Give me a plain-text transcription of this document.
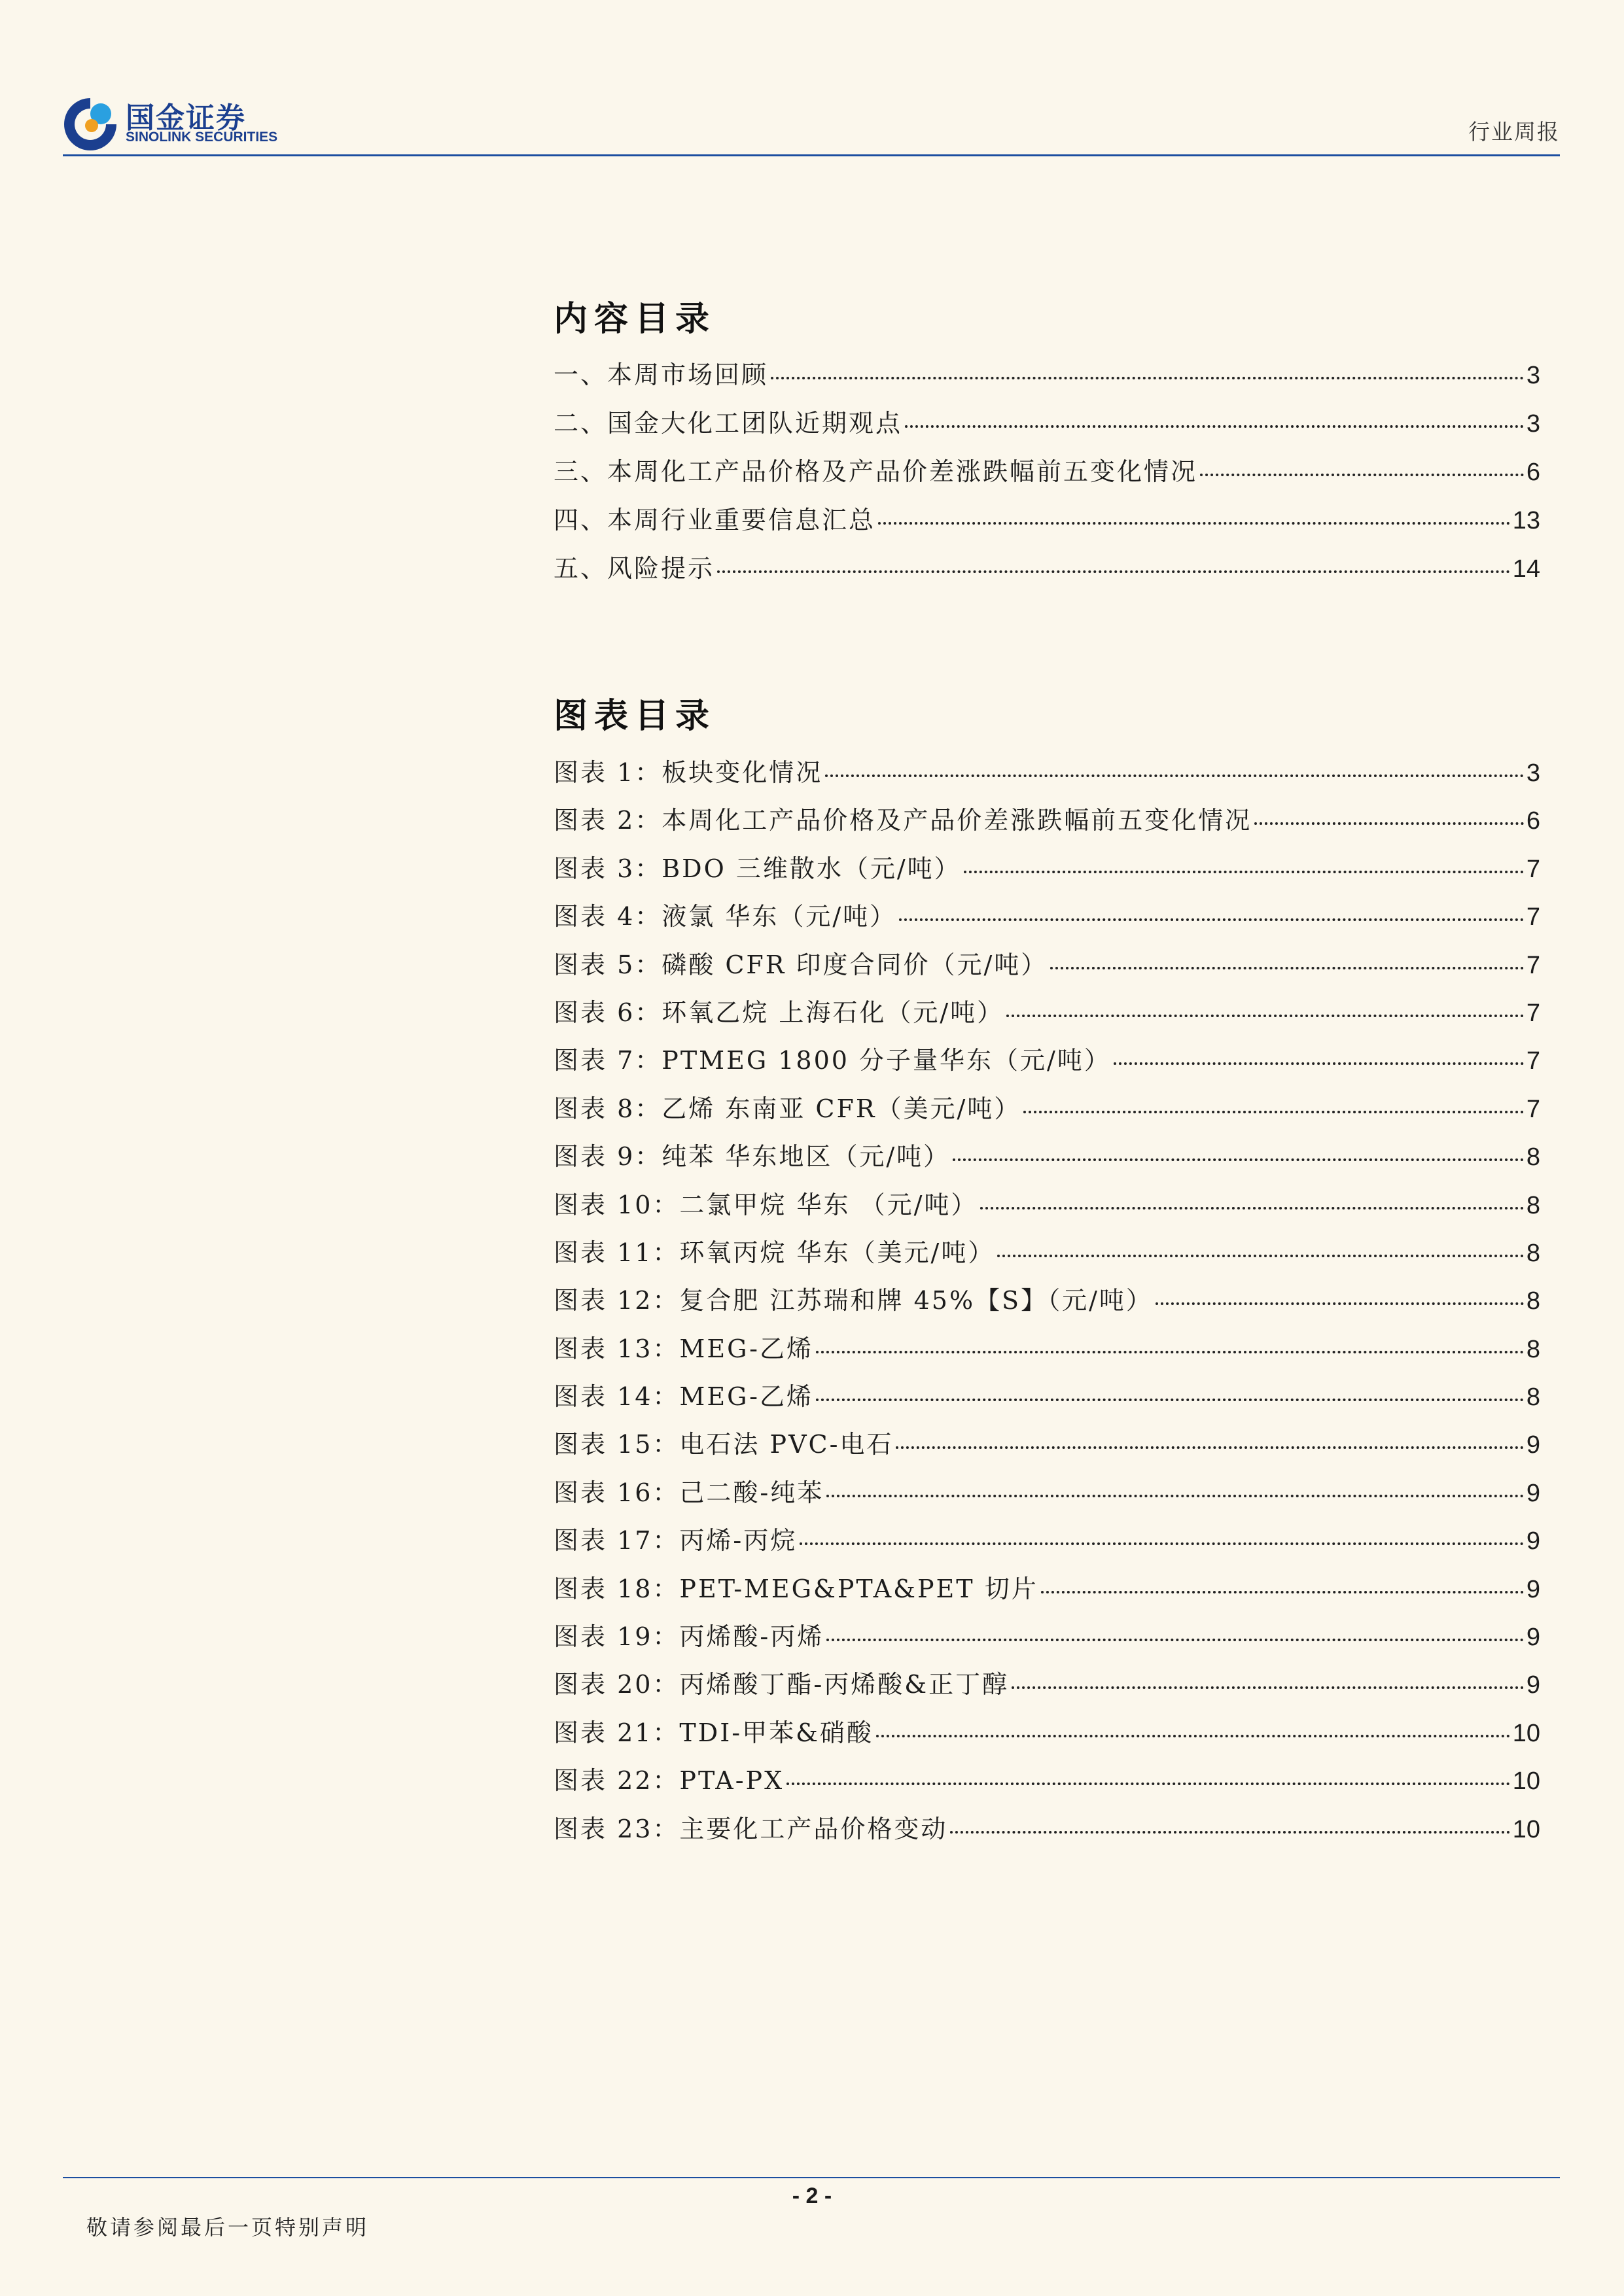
国金证券
SINOLINK SECURITIES	行业周报
内容目录
一、本周市场回顾	3
二、国金大化工团队近期观点	3
三、本周化工产品价格及产品价差涨跌幅前五变化情况	6
四、本周行业重要信息汇总	13
五、风险提示	14
图表目录
图表 1：板块变化情况	3
图表 2：本周化工产品价格及产品价差涨跌幅前五变化情况	6
图表 3：BDO 三维散水（元/吨）	7
图表 4：液氯 华东（元/吨）	7
图表 5：磷酸 CFR 印度合同价（元/吨）	7
图表 6：环氧乙烷 上海石化（元/吨）	7
图表 7：PTMEG 1800 分子量华东（元/吨）	7
图表 8：乙烯 东南亚 CFR（美元/吨）	7
图表 9：纯苯 华东地区（元/吨）	8
图表 10：二氯甲烷 华东 （元/吨）	8
图表 11：环氧丙烷 华东（美元/吨）	8
图表 12：复合肥 江苏瑞和牌 45%【S】（元/吨）	8
图表 13：MEG-乙烯	8
图表 14：MEG-乙烯	8
图表 15：电石法 PVC-电石	9
图表 16：己二酸-纯苯	9
图表 17：丙烯-丙烷	9
图表 18：PET-MEG&PTA&PET 切片	9
图表 19：丙烯酸-丙烯	9
图表 20：丙烯酸丁酯-丙烯酸&正丁醇	9
图表 21：TDI-甲苯&硝酸	10
图表 22：PTA-PX	10
图表 23：主要化工产品价格变动	10
- 2 -
敬请参阅最后一页特别声明
